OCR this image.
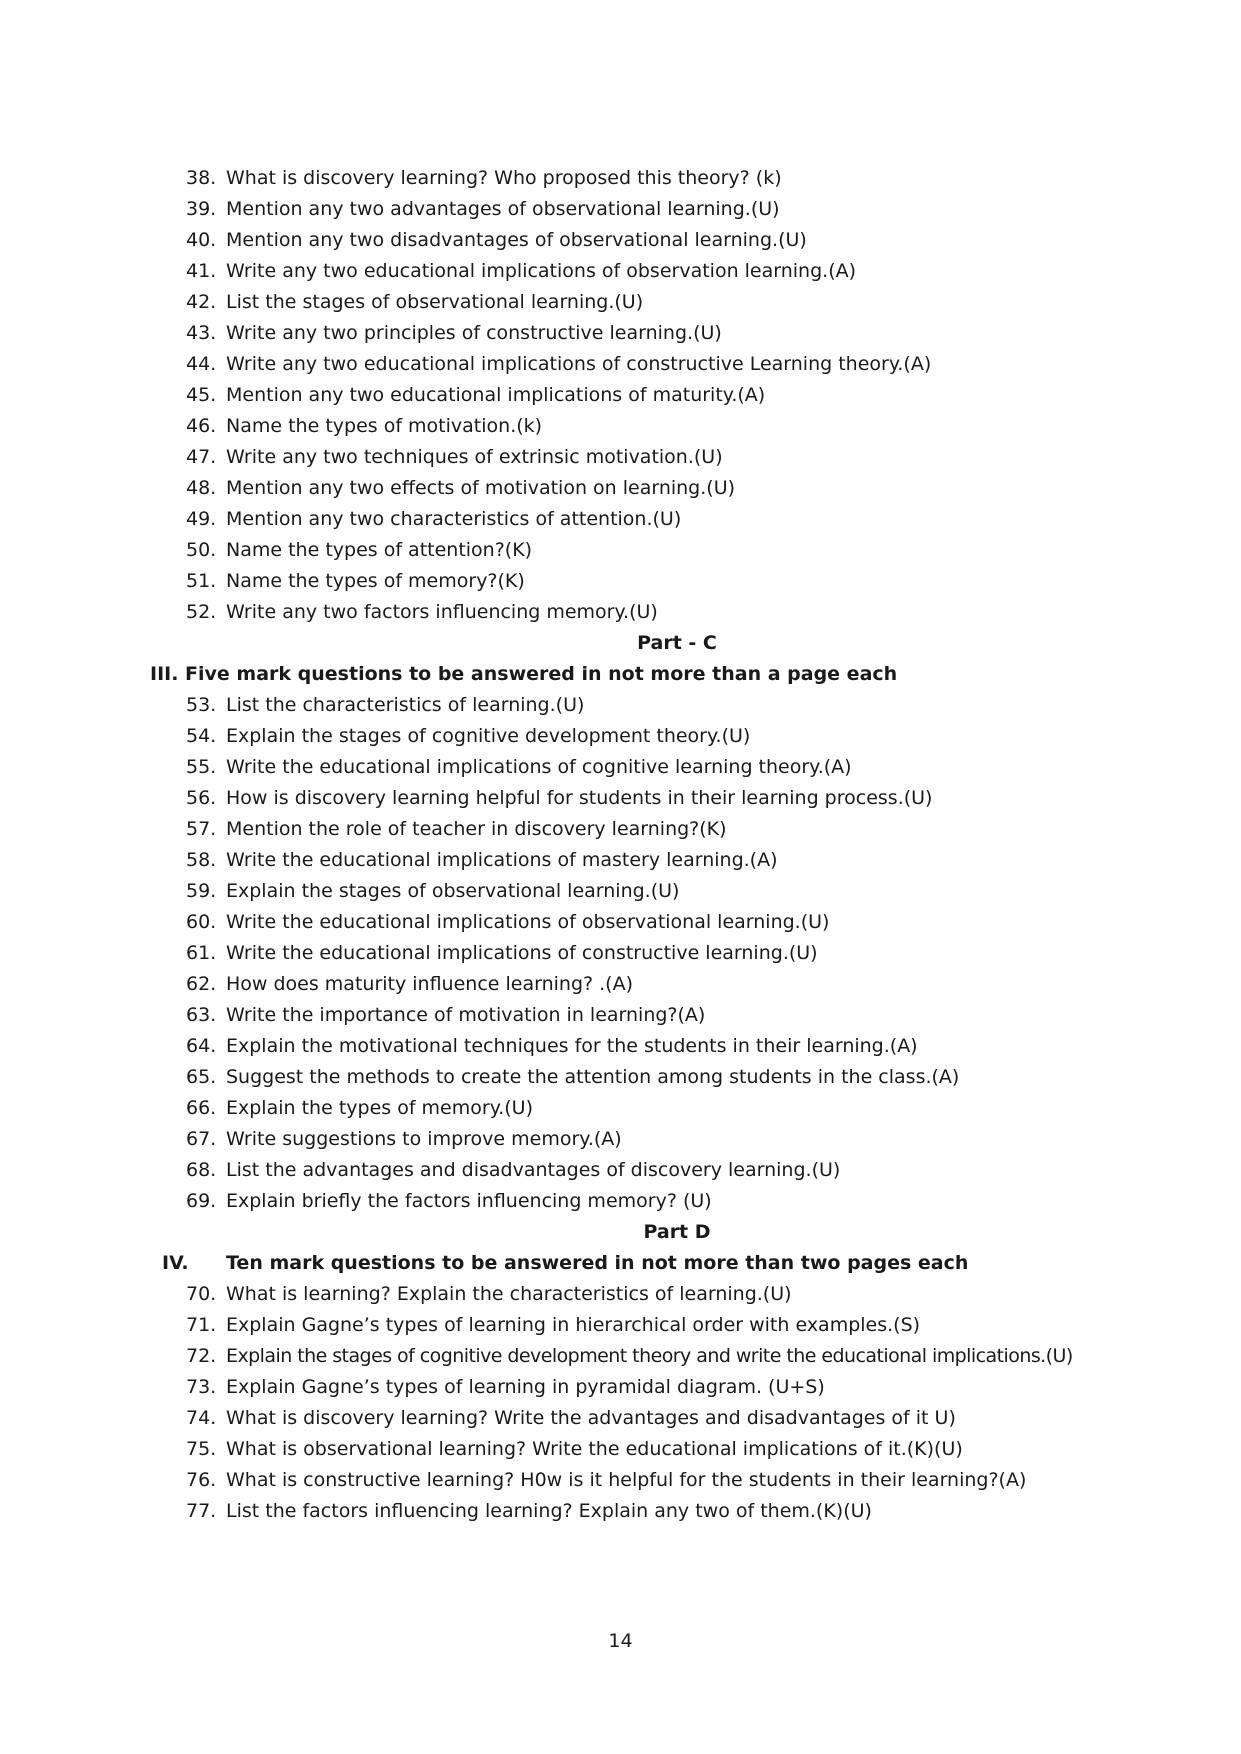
38. What is discovery learning? Who proposed this theory? (k)
39. Mention any two advantages of observational learning.(U)
40. Mention any two disadvantages of observational learning.(U)
41. Write any two educational implications of observation learning.(A)
42. List the stages of observational learning.(U)
43. Write any two principles of constructive learning.(U)
44. Write any two educational implications of constructive Learning theory.(A)
45. Mention any two educational implications of maturity.(A)
46. Name the types of motivation.(k)
47. Write any two techniques of extrinsic motivation.(U)
48. Mention any two effects of motivation on learning.(U)
49. Mention any two characteristics of attention.(U)
50. Name the types of attention?(K)
51. Name the types of memory?(K)
52. Write any two factors influencing memory.(U)
Part - C
III. Five mark questions to be answered in not more than a page each
53. List the characteristics of learning.(U)
54. Explain the stages of cognitive development theory.(U)
55. Write the educational implications of cognitive learning theory.(A)
56. How is discovery learning helpful for students in their learning process.(U)
57. Mention the role of teacher in discovery learning?(K)
58. Write the educational implications of mastery learning.(A)
59. Explain the stages of observational learning.(U)
60. Write the educational implications of observational learning.(U)
61. Write the educational implications of constructive learning.(U)
62. How does maturity influence learning? .(A)
63. Write the importance of motivation in learning?(A)
64. Explain the motivational techniques for the students in their learning.(A)
65. Suggest the methods to create the attention among students in the class.(A)
66. Explain the types of memory.(U)
67. Write suggestions to improve memory.(A)
68. List the advantages and disadvantages of discovery learning.(U)
69. Explain briefly the factors influencing memory? (U)
Part D
IV. Ten mark questions to be answered in not more than two pages each
70. What is learning? Explain the characteristics of learning.(U)
71. Explain Gagne’s types of learning in hierarchical order with examples.(S)
72. Explain the stages of cognitive development theory and write the educational implications.(U)
73. Explain Gagne’s types of learning in pyramidal diagram. (U+S)
74. What is discovery learning? Write the advantages and disadvantages of it U)
75. What is observational learning? Write the educational implications of it.(K)(U)
76. What is constructive learning? H0w is it helpful for the students in their learning?(A)
77. List the factors influencing learning? Explain any two of them.(K)(U)
14
